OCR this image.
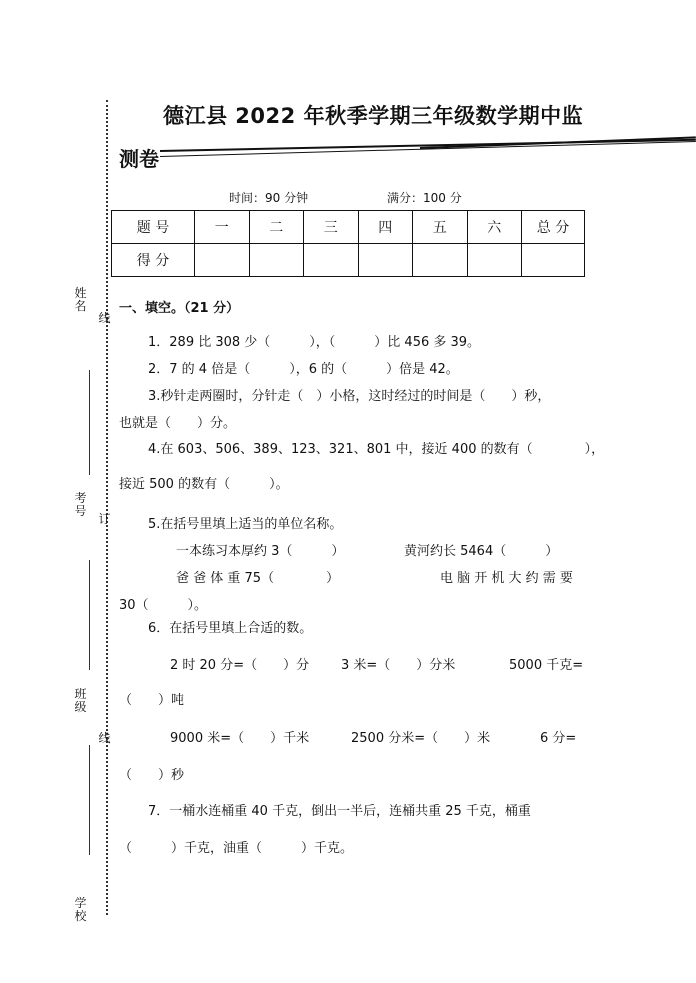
德江县 2022 年秋季学期三年级数学期中监
测卷
姓名
线
考号
订
班级
线
学校
时间：90 分钟	满分：100 分
题 号	一	二	三	四	五	六	总 分
得 分							
一、填空。（21 分）
1．289 比 308 少（　　　），（　　　）比 456 多 39。
2．7 的 4 倍是（　　　），6 的（　　　）倍是 42。
3.秒针走两圈时，分针走（　）小格，这时经过的时间是（　　）秒，
也就是（　　）分。
4.在 603、506、389、123、321、801 中，接近 400 的数有（　　　　），
接近 500 的数有（　　　）。
5.在括号里填上适当的单位名称。
一本练习本厚约 3（　　　）	黄河约长 5464（　　　）
爸 爸 体 重 75（　　　　）	电 脑 开 机 大 约 需 要
30（　　　）。
6．在括号里填上合适的数。
2 时 20 分=（　　）分 3 米=（　　）分米	5000 千克=
（　　）吨
9000 米=（　　）千米	2500 分米=（　　）米	6 分=
（　　）秒
7．一桶水连桶重 40 千克，倒出一半后，连桶共重 25 千克，桶重
（　　　）千克，油重（　　　）千克。
